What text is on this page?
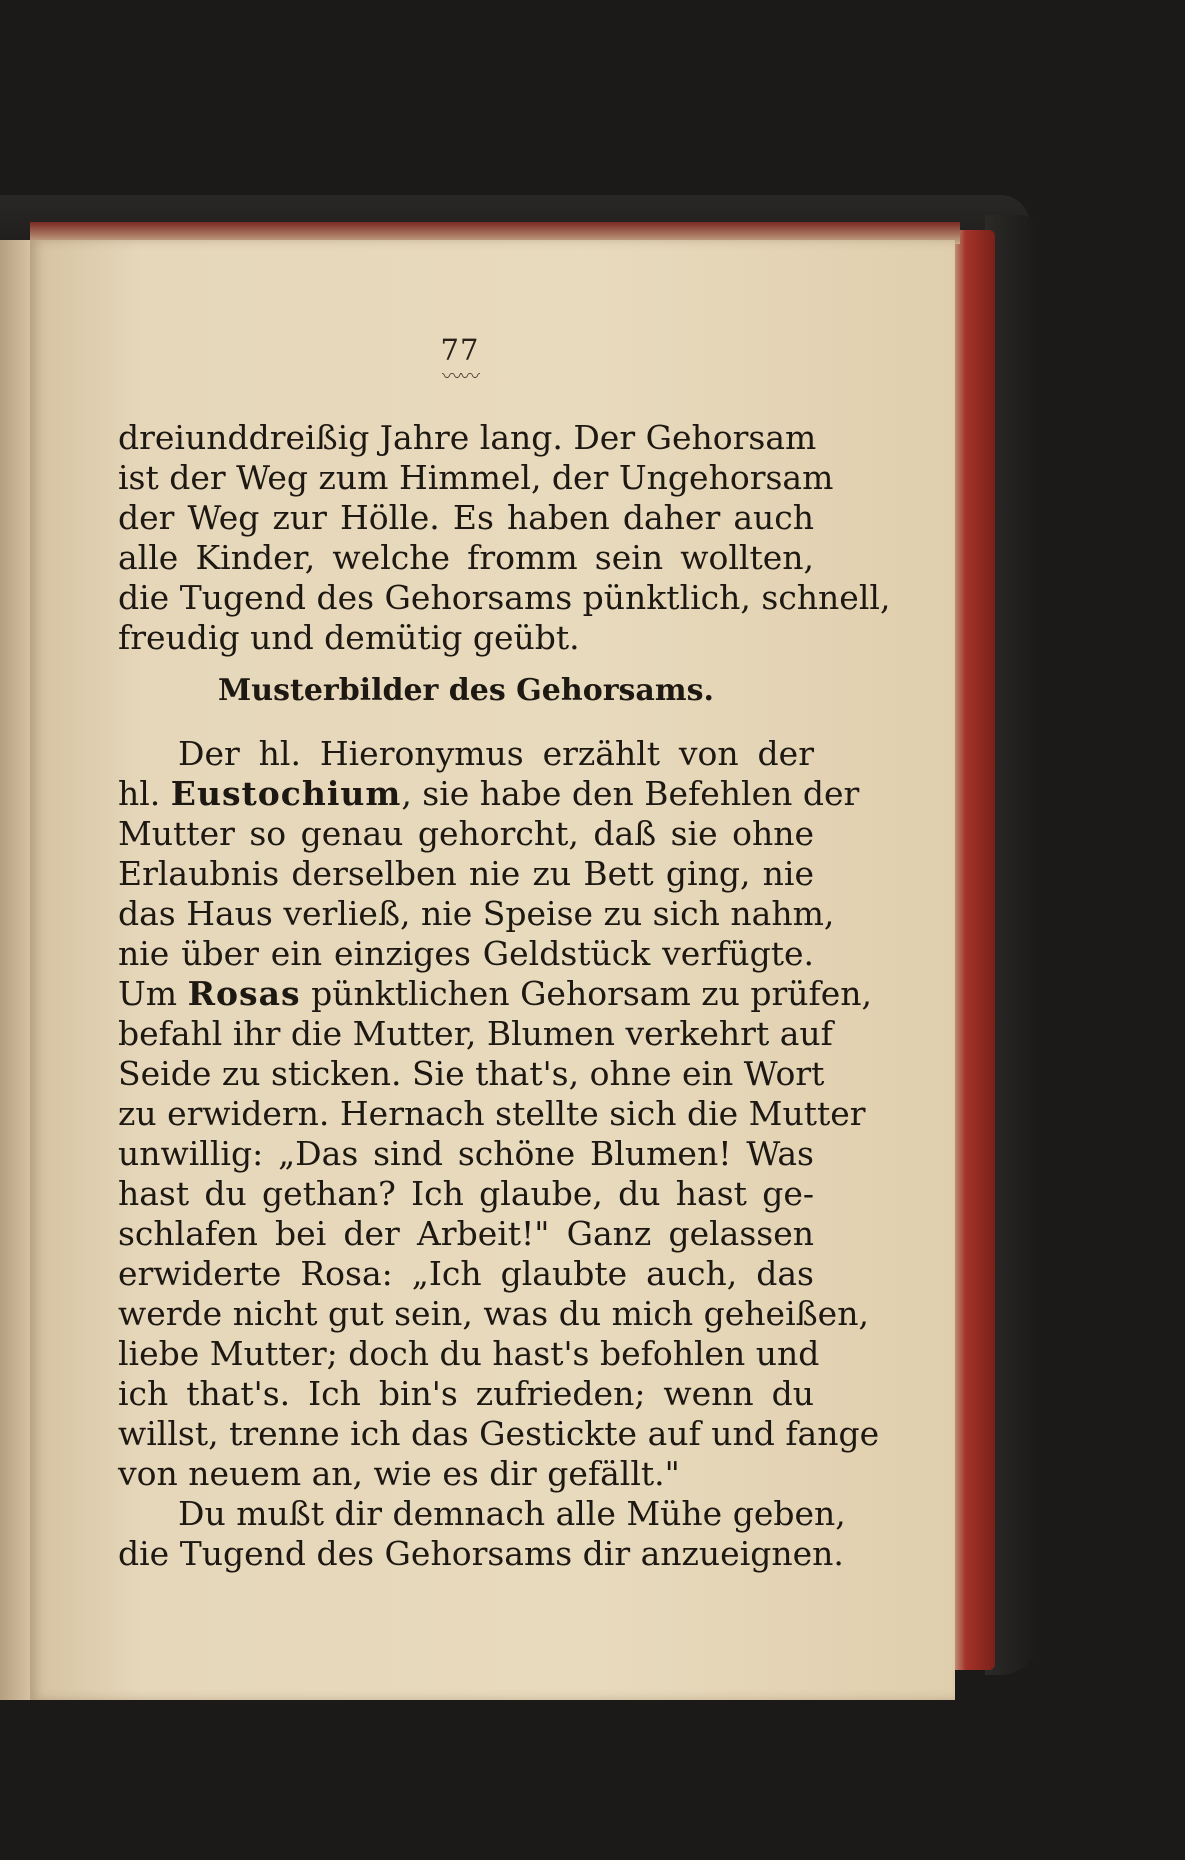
77
〰〰
dreiunddreißig Jahre lang. Der Gehorsam
ist der Weg zum Himmel, der Ungehorsam
der Weg zur Hölle. Es haben daher auch
alle Kinder, welche fromm sein wollten,
die Tugend des Gehorsams pünktlich, schnell,
freudig und demütig geübt.
Musterbilder des Gehorsams.
Der hl. Hieronymus erzählt von der
hl. Eustochium, sie habe den Befehlen der
Mutter so genau gehorcht, daß sie ohne
Erlaubnis derselben nie zu Bett ging, nie
das Haus verließ, nie Speise zu sich nahm,
nie über ein einziges Geldstück verfügte.
Um Rosas pünktlichen Gehorsam zu prüfen,
befahl ihr die Mutter, Blumen verkehrt auf
Seide zu sticken. Sie that's, ohne ein Wort
zu erwidern. Hernach stellte sich die Mutter
unwillig: „Das sind schöne Blumen! Was
hast du gethan? Ich glaube, du hast ge-
schlafen bei der Arbeit!" Ganz gelassen
erwiderte Rosa: „Ich glaubte auch, das
werde nicht gut sein, was du mich geheißen,
liebe Mutter; doch du hast's befohlen und
ich that's. Ich bin's zufrieden; wenn du
willst, trenne ich das Gestickte auf und fange
von neuem an, wie es dir gefällt."
Du mußt dir demnach alle Mühe geben,
die Tugend des Gehorsams dir anzueignen.
